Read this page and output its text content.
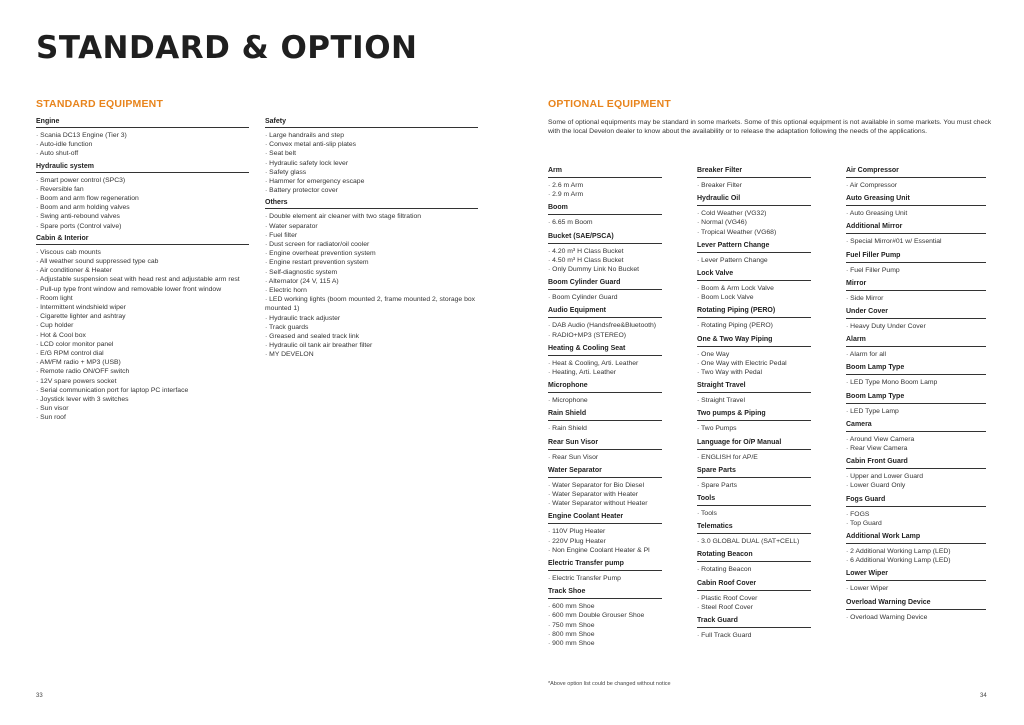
STANDARD & OPTION
STANDARD EQUIPMENT	OPTIONAL EQUIPMENT
Engine
· Scania DC13 Engine (Tier 3)
· Auto-idle function
· Auto shut-off
Hydraulic system
· Smart power control (SPC3)
· Reversible fan
· Boom and arm flow regeneration
· Boom and arm holding valves
· Swing anti-rebound valves
· Spare ports (Control valve)
Cabin & Interior
· Viscous cab mounts
· All weather sound suppressed type cab
· Air conditioner & Heater
· Adjustable suspension seat with head rest and adjustable arm rest
· Pull-up type front window and removable lower front window
· Room light
· Intermittent windshield wiper
· Cigarette lighter and ashtray
· Cup holder
· Hot & Cool box
· LCD color monitor panel
· E/G RPM control dial
· AM/FM radio + MP3 (USB)
· Remote radio ON/OFF switch
· 12V spare powers socket
· Serial communication port for laptop PC interface
· Joystick lever with 3 switches
· Sun visor
· Sun roof
Safety
· Large handrails and step
· Convex metal anti-slip plates
· Seat belt
· Hydraulic safety lock lever
· Safety glass
· Hammer for emergency escape
· Battery protector cover
Others
· Double element air cleaner with two stage filtration
· Water separator
· Fuel filter
· Dust screen for radiator/oil cooler
· Engine overheat prevention system
· Engine restart prevention system
· Self-diagnostic system
· Alternator (24 V, 115 A)
· Electric horn
· LED working lights (boom mounted 2, frame mounted 2, storage box mounted 1)
· Hydraulic track adjuster
· Track guards
· Greased and sealed track link
· Hydraulic oil tank air breather filter
· MY DEVELON
Some of optional equipments may be standard in some markets. Some of this optional equipment is not available in some markets. You must check with the local Develon dealer to know about the availability or to release the adaptation following the needs of the applications.
Arm
· 2.6 m Arm
· 2.9 m Arm
Boom
· 6.65 m Boom
Bucket (SAE/PSCA)
· 4.20 m³ H Class Bucket
· 4.50 m³ H Class Bucket
· Only Dummy Link No Bucket
Boom Cylinder Guard
· Boom Cylinder Guard
Audio Equipment
· DAB Audio (Handsfree&Bluetooth)
· RADIO+MP3 (STEREO)
Heating & Cooling Seat
· Heat & Cooling, Arti. Leather
· Heating, Arti. Leather
Microphone
· Microphone
Rain Shield
· Rain Shield
Rear Sun Visor
· Rear Sun Visor
Water Separator
· Water Separator for Bio Diesel
· Water Separator with Heater
· Water Separator without Heater
Engine Coolant Heater
· 110V Plug Heater
· 220V Plug Heater
· Non Engine Coolant Heater & Pl
Electric Transfer pump
· Electric Transfer Pump
Track Shoe
· 600 mm Shoe
· 600 mm Double Grouser Shoe
· 750 mm Shoe
· 800 mm Shoe
· 900 mm Shoe
Breaker Filter
· Breaker Filter
Hydraulic Oil
· Cold Weather (VG32)
· Normal (VG46)
· Tropical Weather (VG68)
Lever Pattern Change
· Lever Pattern Change
Lock Valve
· Boom & Arm Lock Valve
· Boom Lock Valve
Rotating Piping (PERO)
· Rotating Piping (PERO)
One & Two Way Piping
· One Way
· One Way with Electric Pedal
· Two Way with Pedal
Straight Travel
· Straight Travel
Two pumps & Piping
· Two Pumps
Language for O/P Manual
· ENGLISH for AP/E
Spare Parts
· Spare Parts
Tools
· Tools
Telematics
· 3.0 GLOBAL DUAL (SAT+CELL)
Rotating Beacon
· Rotating Beacon
Cabin Roof Cover
· Plastic Roof Cover
· Steel Roof Cover
Track Guard
· Full Track Guard
Air Compressor
· Air Compressor
Auto Greasing Unit
· Auto Greasing Unit
Additional Mirror
· Special Mirror#01 w/ Essential
Fuel Filler Pump
· Fuel Filler Pump
Mirror
· Side Mirror
Under Cover
· Heavy Duty Under Cover
Alarm
· Alarm for all
Boom Lamp Type
· LED Type Mono Boom Lamp
Boom Lamp Type
· LED Type Lamp
Camera
· Around View Camera
· Rear View Camera
Cabin Front Guard
· Upper and Lower Guard
· Lower Guard Only
Fogs Guard
· FOGS
· Top Guard
Additional Work Lamp
· 2 Additional Working Lamp (LED)
· 6 Additional Working Lamp (LED)
Lower Wiper
· Lower Wiper
Overload Warning Device
· Overload Warning Device
*Above option list could be changed without notice
33	34
